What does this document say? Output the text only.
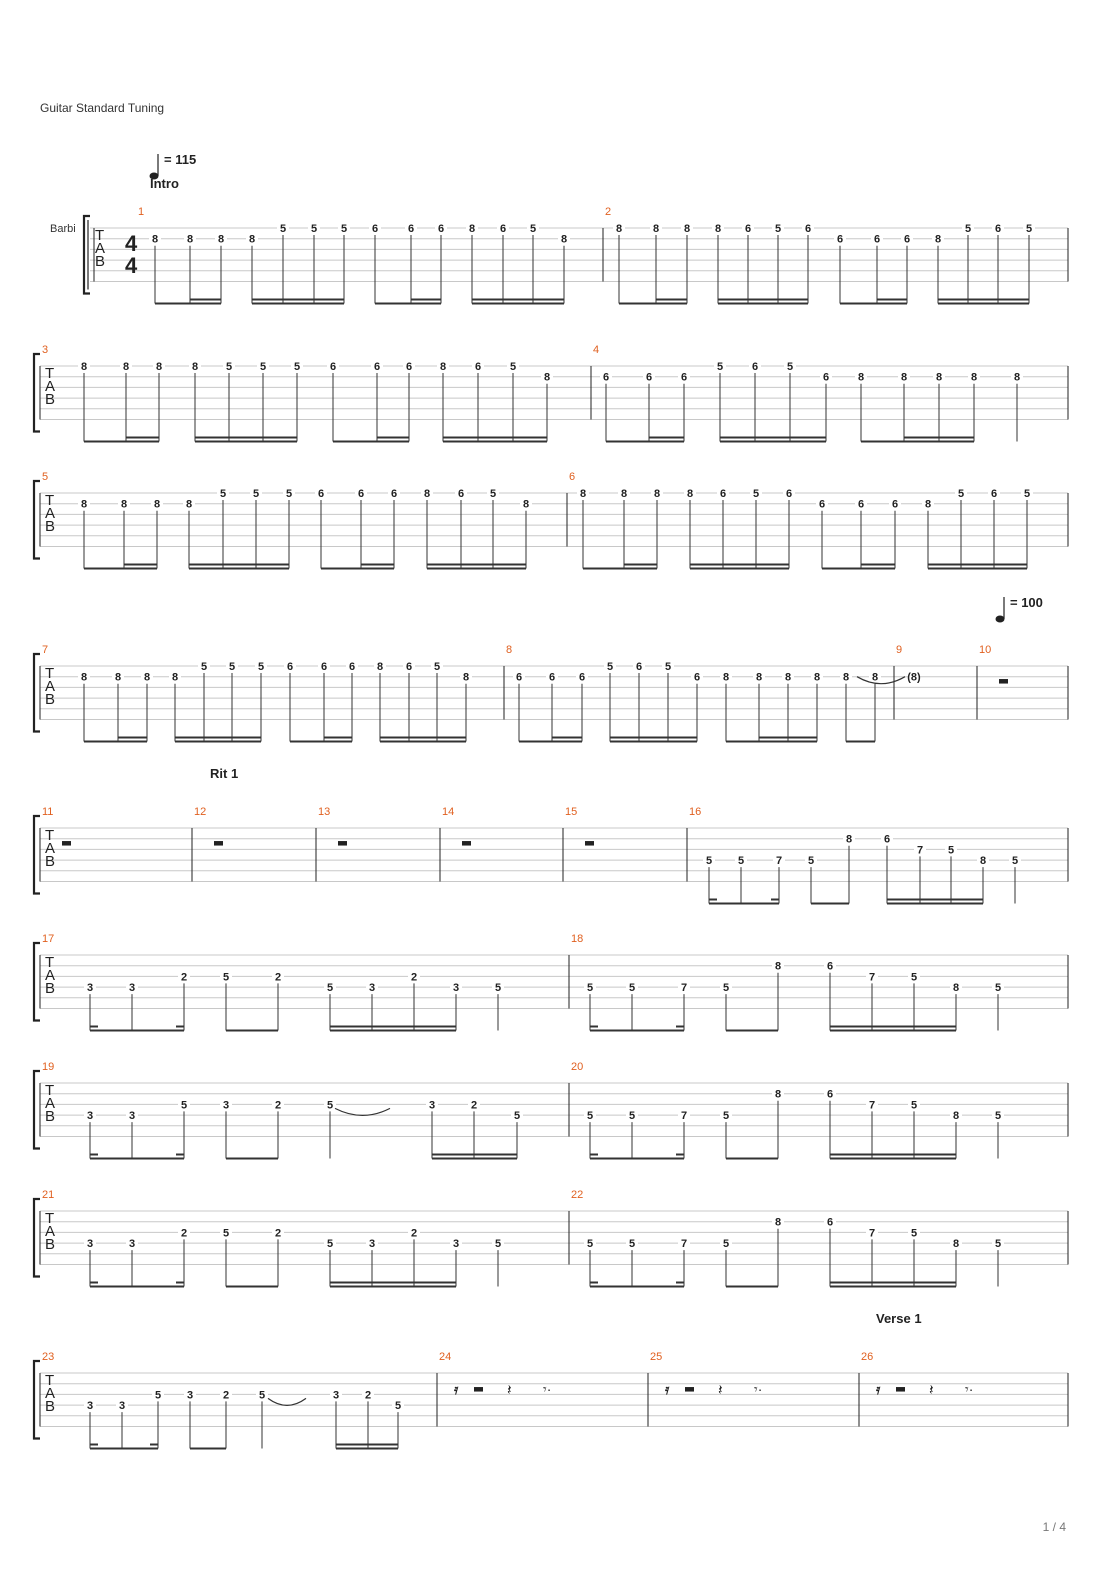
Guitar Standard Tuning
1 / 4
Barbi
4
4
T
A
B
1
8	8 8 8
5 5 5 6	6 6 8 6 5
8
2
8	8 8 8 6 5 6
6	6 6 8
5 6 5
T
A
B
3
8	8 8	8	5	5	5	6	6 6	8	6	5
8
4
6	6	6
5	6	5
6	8	8	8	8	8
T
A
B
5
8	8 8 8
5 5 5 6	6 6 8	6 5
8
6
8	8 8 8 6 5 6
6	6	6 8
5 6 5
T
A
B
7
8	8 8 8
5 5 5 6	6 6 8 6 5
8
8
6 6 6
5 6 5
6 8 8 8 8 8 8
9
(8)
10
T
A
B
11	12	13	14	15	16
5 5	7 5
8	6
7 5
8 5
T
A
B
17
3	3
2	5	2
5	3
2
3	5
18
5	5	7	5
8	6
7	5
8	5
T
A
B
19
3	3
5	3	2	5	3	2
5
20
5	5	7	5
8	6
7	5
8	5
T
A
B
21
3	3
2	5	2
5	3
2
3	5
22
5	5	7	5
8	6
7	5
8	5
T
A
B
23
3 3
5 3	2	5	3 2
5
24
𝄿	𝄽 𝄾·
25
𝄿	𝄽 𝄾·
26
𝄿	𝄽 𝄾·
= 115
= 100
Intro
Rit 1
Verse 1
